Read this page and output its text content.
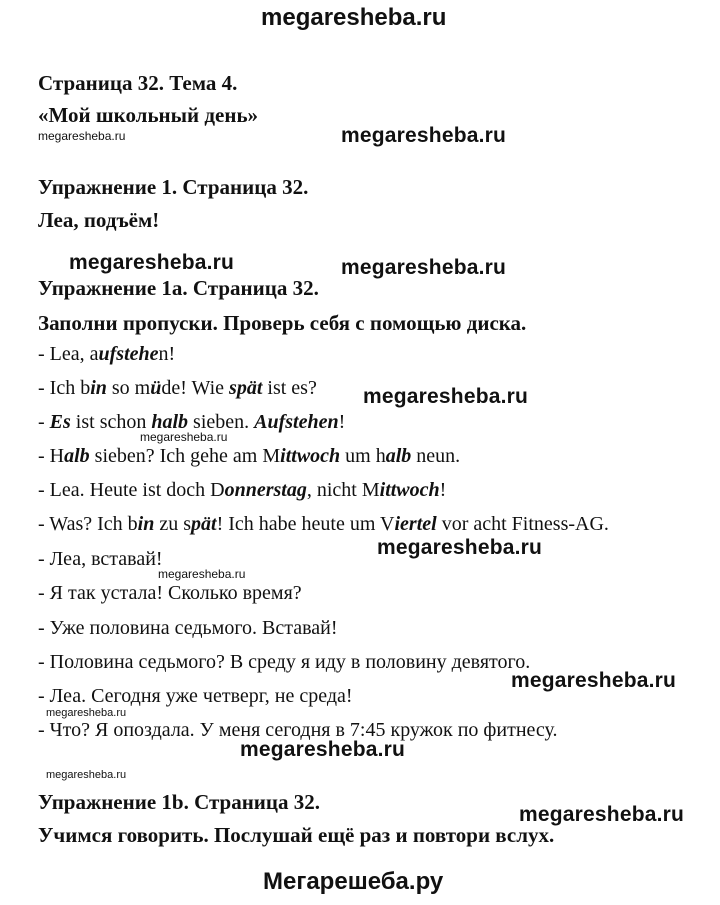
megaresheba.ru
Страница 32. Тема 4.
«Мой школьный день»
megaresheba.ru	megaresheba.ru
Упражнение 1. Страница 32.
Леа, подъём!
megaresheba.ru	megaresheba.ru
Упражнение 1a. Страница 32.
Заполни пропуски. Проверь себя с помощью диска.
- Lea, aufstehen!
- Ich bin so müde! Wie spät ist es?
- Es ist schon halb sieben. Aufstehen!
- Halb sieben? Ich gehe am Mittwoch um halb neun.
- Lea. Heute ist doch Donnerstag, nicht Mittwoch!
- Was? Ich bin zu spät! Ich habe heute um Viertel vor acht Fitness-AG.
megaresheba.ru
megaresheba.ru
megaresheba.ru
megaresheba.ru
- Леа, вставай!
- Я так устала! Сколько время?
- Уже половина седьмого. Вставай!
- Половина седьмого? В среду я иду в половину девятого.
- Леа. Сегодня уже четверг, не среда!
- Что? Я опоздала. У меня сегодня в 7:45 кружок по фитнесу.
megaresheba.ru
megaresheba.ru
megaresheba.ru
megaresheba.ru
Упражнение 1b. Страница 32.
megaresheba.ru
Учимся говорить. Послушай ещё раз и повтори вслух.
Мегарешеба.ру
